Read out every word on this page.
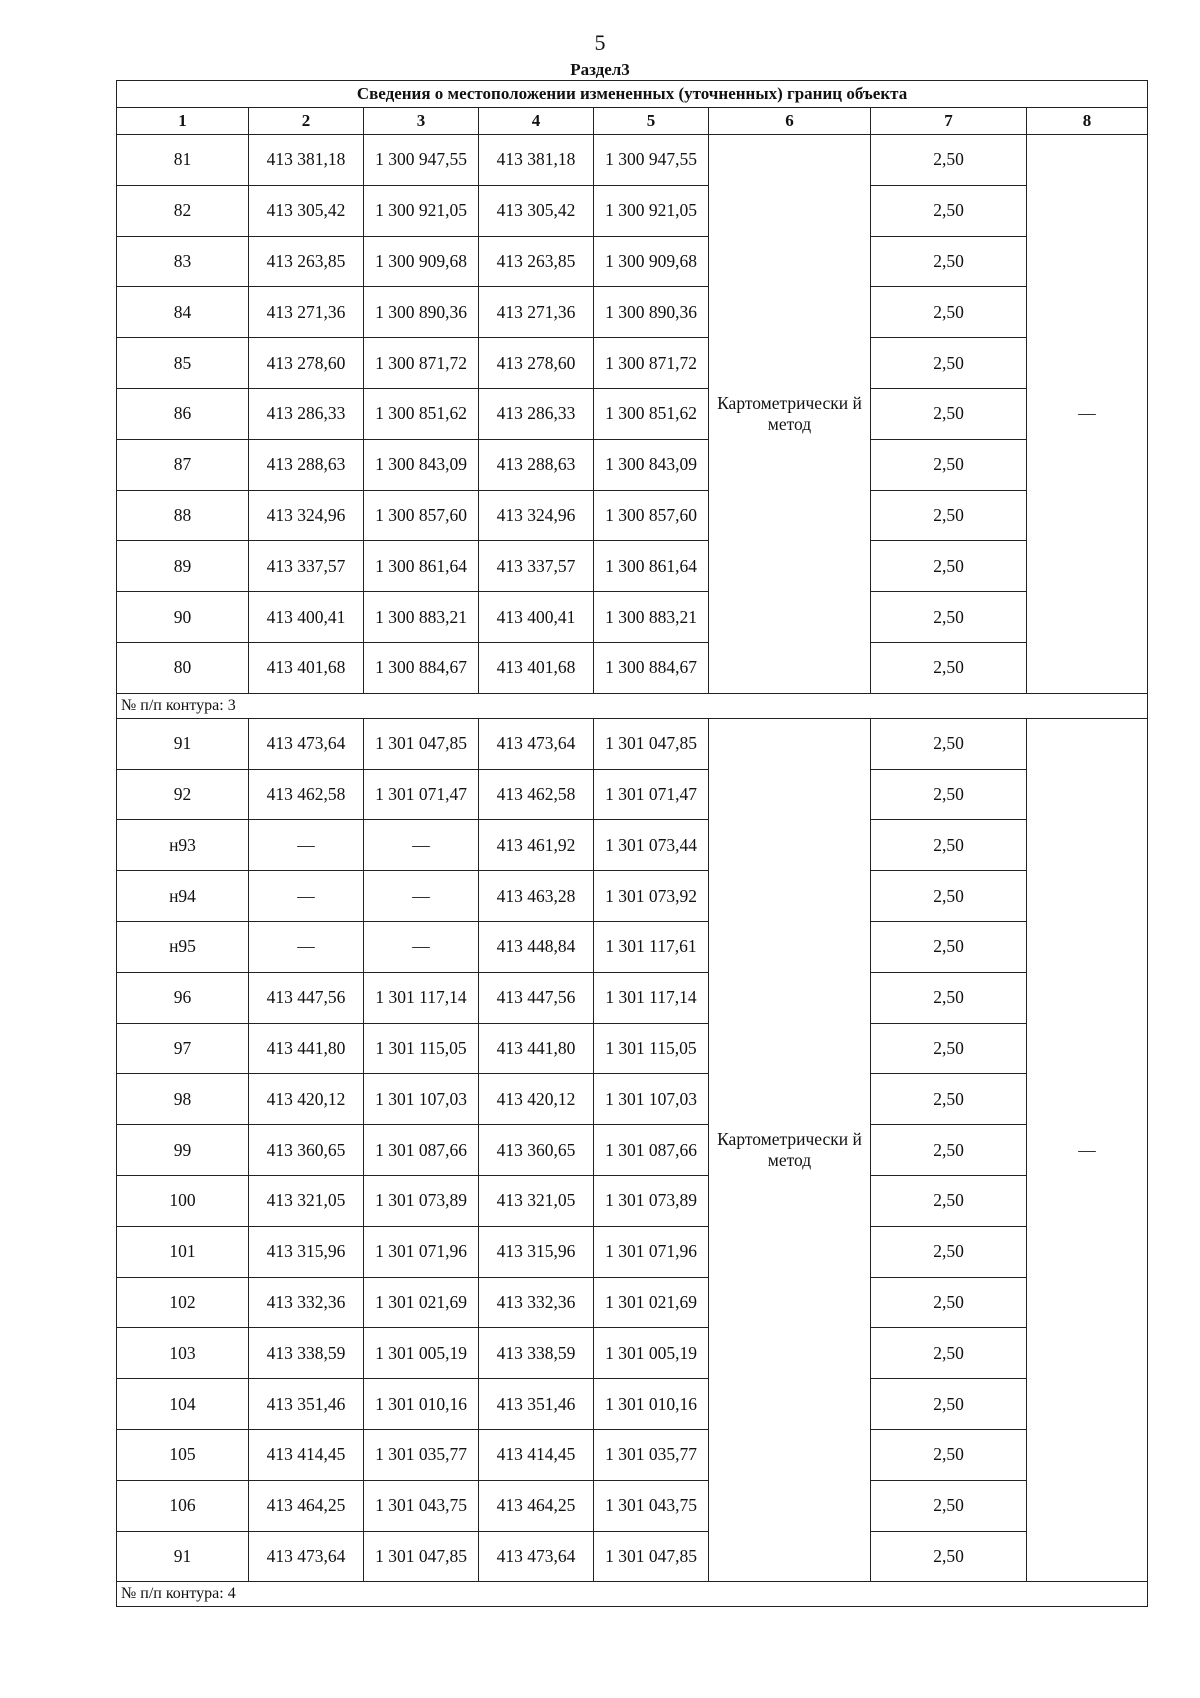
5
Раздел3
Сведения о местоположении измененных (уточненных) границ объекта							
1	2	3	4	5	6	7	8
81	413 381,18	1 300 947,55	413 381,18	1 300 947,55	Картометрически й метод	2,50	—
82	413 305,42	1 300 921,05	413 305,42	1 300 921,05		2,50	
83	413 263,85	1 300 909,68	413 263,85	1 300 909,68		2,50	
84	413 271,36	1 300 890,36	413 271,36	1 300 890,36		2,50	
85	413 278,60	1 300 871,72	413 278,60	1 300 871,72		2,50	
86	413 286,33	1 300 851,62	413 286,33	1 300 851,62		2,50	
87	413 288,63	1 300 843,09	413 288,63	1 300 843,09		2,50	
88	413 324,96	1 300 857,60	413 324,96	1 300 857,60		2,50	
89	413 337,57	1 300 861,64	413 337,57	1 300 861,64		2,50	
90	413 400,41	1 300 883,21	413 400,41	1 300 883,21		2,50	
80	413 401,68	1 300 884,67	413 401,68	1 300 884,67		2,50	
№ п/п контура: 3							
91	413 473,64	1 301 047,85	413 473,64	1 301 047,85	Картометрически й метод	2,50	—
92	413 462,58	1 301 071,47	413 462,58	1 301 071,47		2,50	
н93	—	—	413 461,92	1 301 073,44		2,50	
н94	—	—	413 463,28	1 301 073,92		2,50	
н95	—	—	413 448,84	1 301 117,61		2,50	
96	413 447,56	1 301 117,14	413 447,56	1 301 117,14		2,50	
97	413 441,80	1 301 115,05	413 441,80	1 301 115,05		2,50	
98	413 420,12	1 301 107,03	413 420,12	1 301 107,03		2,50	
99	413 360,65	1 301 087,66	413 360,65	1 301 087,66		2,50	
100	413 321,05	1 301 073,89	413 321,05	1 301 073,89		2,50	
101	413 315,96	1 301 071,96	413 315,96	1 301 071,96		2,50	
102	413 332,36	1 301 021,69	413 332,36	1 301 021,69		2,50	
103	413 338,59	1 301 005,19	413 338,59	1 301 005,19		2,50	
104	413 351,46	1 301 010,16	413 351,46	1 301 010,16		2,50	
105	413 414,45	1 301 035,77	413 414,45	1 301 035,77		2,50	
106	413 464,25	1 301 043,75	413 464,25	1 301 043,75		2,50	
91	413 473,64	1 301 047,85	413 473,64	1 301 047,85		2,50	
№ п/п контура: 4							
